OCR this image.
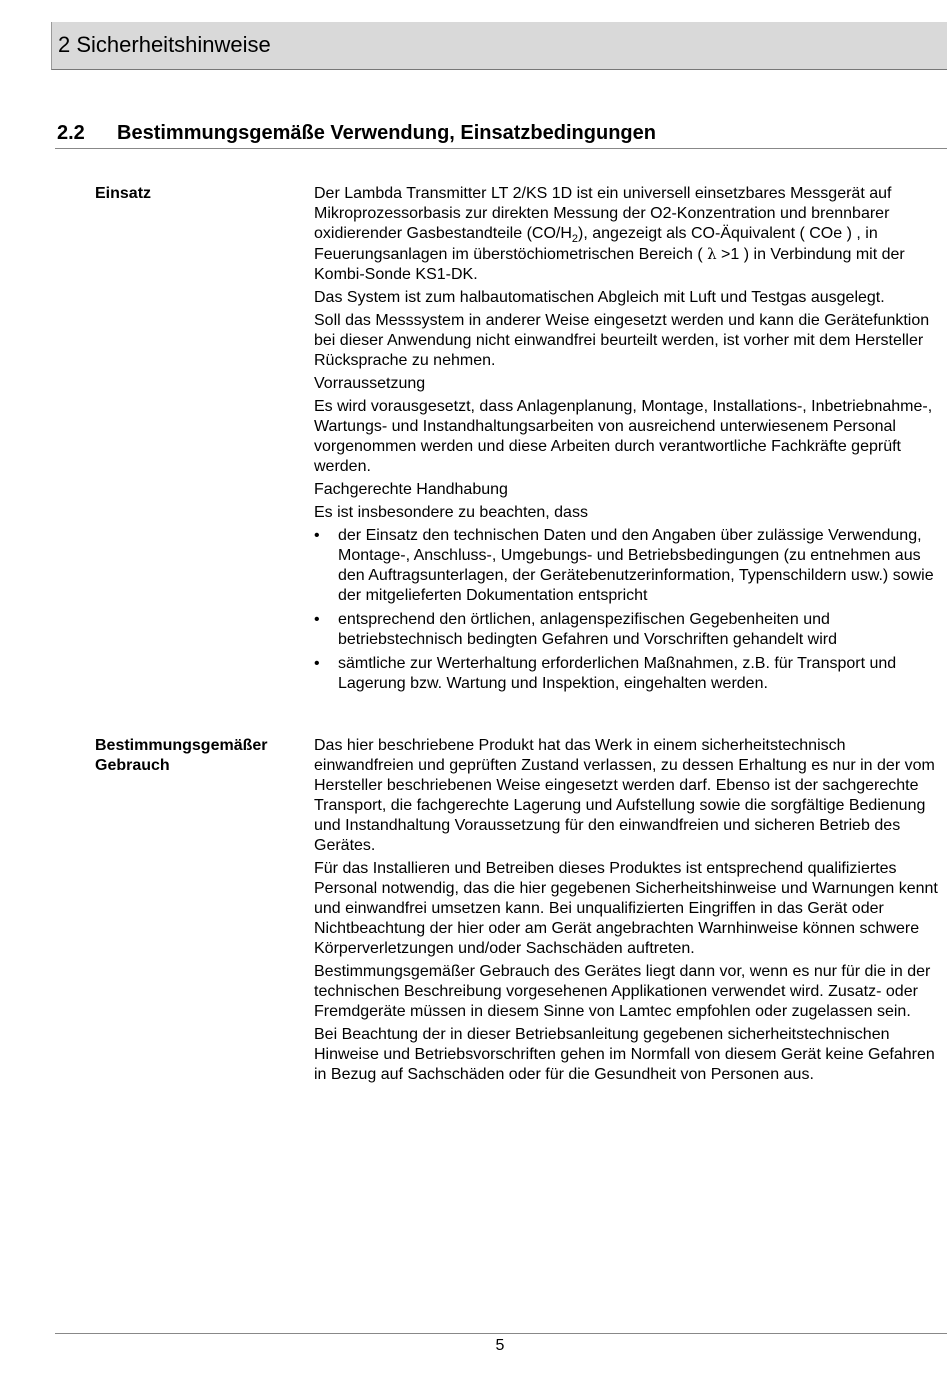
2 Sicherheitshinweise
2.2 Bestimmungsgemäße Verwendung, Einsatzbedingungen
Einsatz	Der Lambda Transmitter LT 2/KS 1D ist ein universell einsetzbares Messgerät auf Mikroprozessorbasis zur direkten Messung der O2-Konzentration und brennbarer oxidierender Gasbestandteile $(CO/H_2)$, angezeigt als CO-Äquivalent ( COe ) , in Feuerungsanlagen im überstöchiometrischen Bereich ( λ >1 ) in Verbindung mit der Kombi-Sonde KS1-DK.

Das System ist zum halbautomatischen Abgleich mit Luft und Testgas ausgelegt.

Soll das Messsystem in anderer Weise eingesetzt werden und kann die Gerätefunktion bei dieser Anwendung nicht einwandfrei beurteilt werden, ist vorher mit dem Hersteller Rücksprache zu nehmen.

Vorraussetzung

Es wird vorausgesetzt, dass Anlagenplanung, Montage, Installations-, Inbetriebnahme-, Wartungs- und Instandhaltungsarbeiten von ausreichend unterwiesenem Personal vorgenommen werden und diese Arbeiten durch verantwortliche Fachkräfte geprüft werden.

Fachgerechte Handhabung

Es ist insbesondere zu beachten, dass

• der Einsatz den technischen Daten und den Angaben über zulässige Verwendung, Montage-, Anschluss-, Umgebungs- und Betriebsbedingungen (zu entnehmen aus den Auftragsunterlagen, der Gerätebenutzerinformation, Typenschildern usw.) sowie der mitgelieferten Dokumentation entspricht
• entsprechend den örtlichen, anlagenspezifischen Gegebenheiten und betriebstechnisch bedingten Gefahren und Vorschriften gehandelt wird
• sämtliche zur Werterhaltung erforderlichen Maßnahmen, z.B. für Transport und Lagerung bzw. Wartung und Inspektion, eingehalten werden.
Bestimmungsgemäßer
Gebrauch

Das hier beschriebene Produkt hat das Werk in einem sicherheitstechnisch einwandfreien und geprüften Zustand verlassen, zu dessen Erhaltung es nur in der vom Hersteller beschriebenen Weise eingesetzt werden darf. Ebenso ist der sachgerechte Transport, die fachgerechte Lagerung und Aufstellung sowie die sorgfältige Bedienung und Instandhaltung Voraussetzung für den einwandfreien und sicheren Betrieb des Gerätes.

Für das Installieren und Betreiben dieses Produktes ist entsprechend qualifiziertes Personal notwendig, das die hier gegebenen Sicherheitshinweise und Warnungen kennt und einwandfrei umsetzen kann. Bei unqualifizierten Eingriffen in das Gerät oder Nichtbeachtung der hier oder am Gerät angebrachten Warnhinweise können schwere Körperverletzungen und/oder Sachschäden auftreten.

Bestimmungsgemäßer Gebrauch des Gerätes liegt dann vor, wenn es nur für die in der technischen Beschreibung vorgesehenen Applikationen verwendet wird. Zusatz- oder Fremdgeräte müssen in diesem Sinne von Lamtec empfohlen oder zugelassen sein.

Bei Beachtung der in dieser Betriebsanleitung gegebenen sicherheitstechnischen Hinweise und Betriebsvorschriften gehen im Normfall von diesem Gerät keine Gefahren in Bezug auf Sachschäden oder für die Gesundheit von Personen aus.

5
